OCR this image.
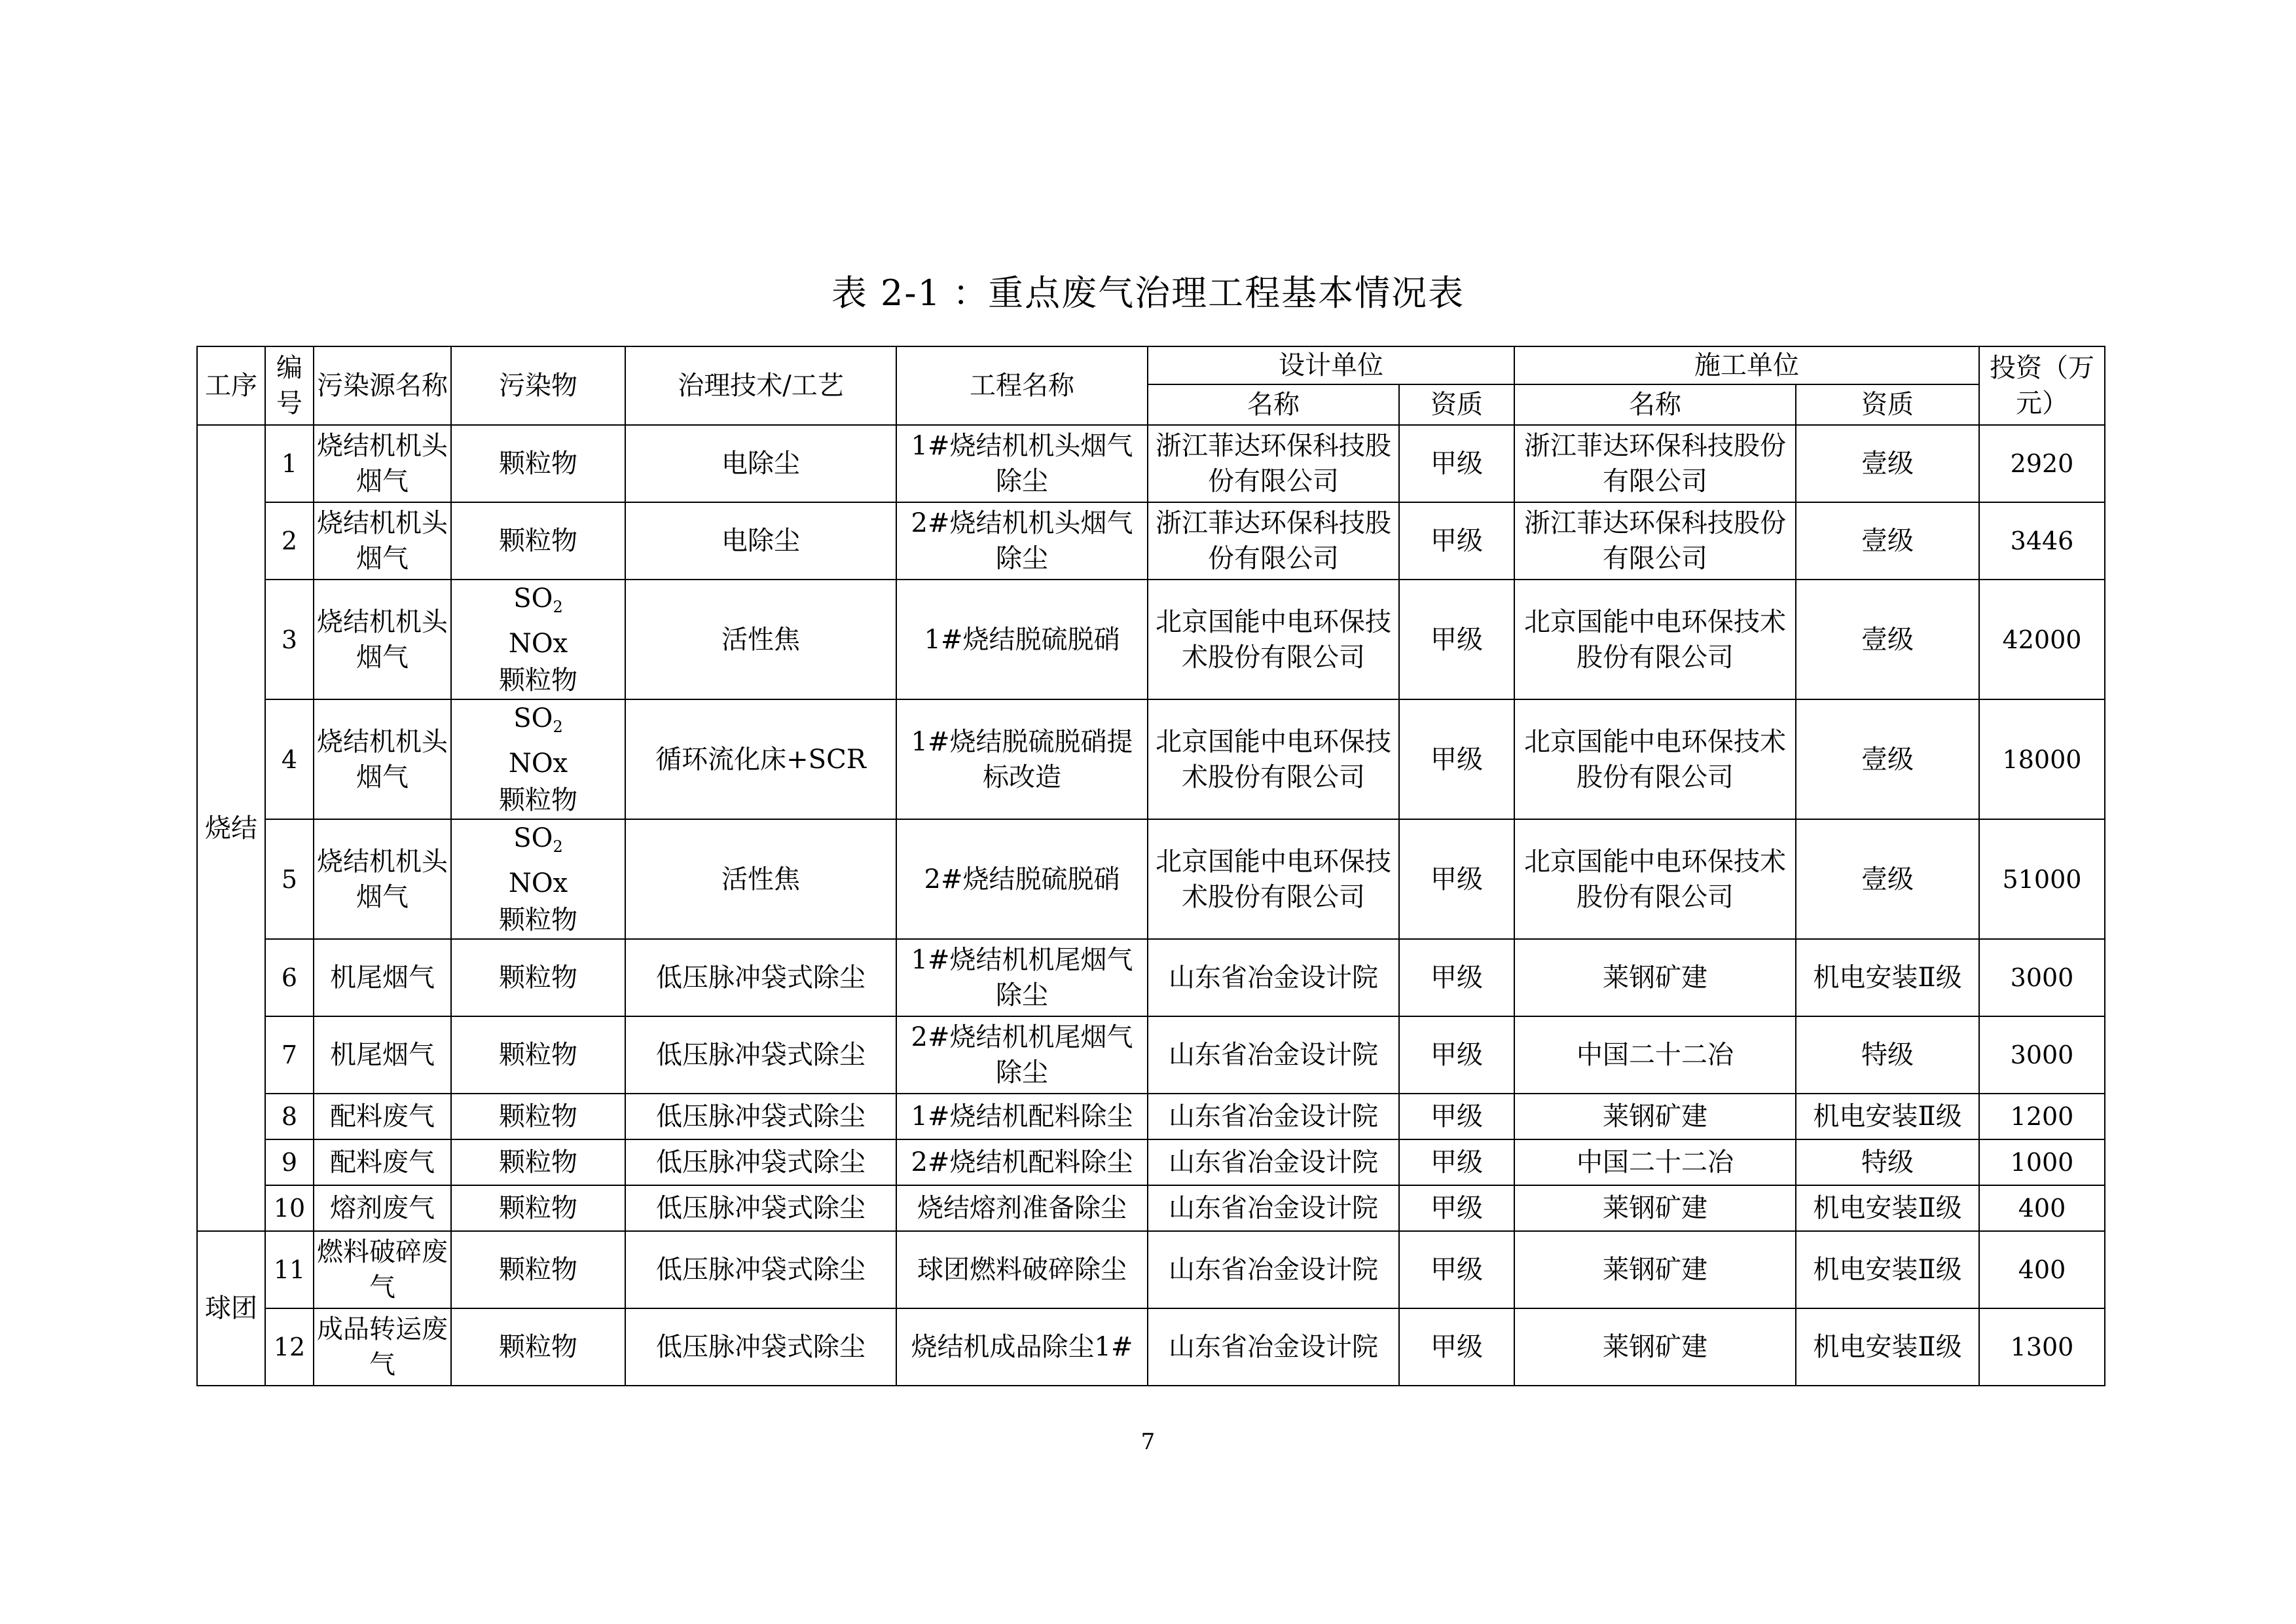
表 2-1 ：重点废气治理工程基本情况表
工序	编号	污染源名称	污染物	治理技术/工艺	工程名称	设计单位		施工单位		投资（万元）
						名称	资质	名称	资质	
烧结	1	烧结机机头烟气	颗粒物	电除尘	1#烧结机机头烟气除尘	浙江菲达环保科技股份有限公司	甲级	浙江菲达环保科技股份有限公司	壹级	2920
	2	烧结机机头烟气	颗粒物	电除尘	2#烧结机机头烟气除尘	浙江菲达环保科技股份有限公司	甲级	浙江菲达环保科技股份有限公司	壹级	3446
	3	烧结机机头烟气	$SO_2$
NOx
颗粒物	活性焦	1#烧结脱硫脱硝	北京国能中电环保技术股份有限公司	甲级	北京国能中电环保技术股份有限公司	壹级	42000
	4	烧结机机头烟气	$SO_2$
NOx
颗粒物	循环流化床+SCR	1#烧结脱硫脱硝提标改造	北京国能中电环保技术股份有限公司	甲级	北京国能中电环保技术股份有限公司	壹级	18000
	5	烧结机机头烟气	$SO_2$
NOx
颗粒物	活性焦	2#烧结脱硫脱硝	北京国能中电环保技术股份有限公司	甲级	北京国能中电环保技术股份有限公司	壹级	51000
	6	机尾烟气	颗粒物	低压脉冲袋式除尘	1#烧结机机尾烟气除尘	山东省冶金设计院	甲级	莱钢矿建	机电安装Ⅱ级	3000
	7	机尾烟气	颗粒物	低压脉冲袋式除尘	2#烧结机机尾烟气除尘	山东省冶金设计院	甲级	中国二十二冶	特级	3000
	8	配料废气	颗粒物	低压脉冲袋式除尘	1#烧结机配料除尘	山东省冶金设计院	甲级	莱钢矿建	机电安装Ⅱ级	1200
	9	配料废气	颗粒物	低压脉冲袋式除尘	2#烧结机配料除尘	山东省冶金设计院	甲级	中国二十二冶	特级	1000
	10	熔剂废气	颗粒物	低压脉冲袋式除尘	烧结熔剂准备除尘	山东省冶金设计院	甲级	莱钢矿建	机电安装Ⅱ级	400
球团	11	燃料破碎废气	颗粒物	低压脉冲袋式除尘	球团燃料破碎除尘	山东省冶金设计院	甲级	莱钢矿建	机电安装Ⅱ级	400
	12	成品转运废气	颗粒物	低压脉冲袋式除尘	烧结机成品除尘1#	山东省冶金设计院	甲级	莱钢矿建	机电安装Ⅱ级	1300
7
